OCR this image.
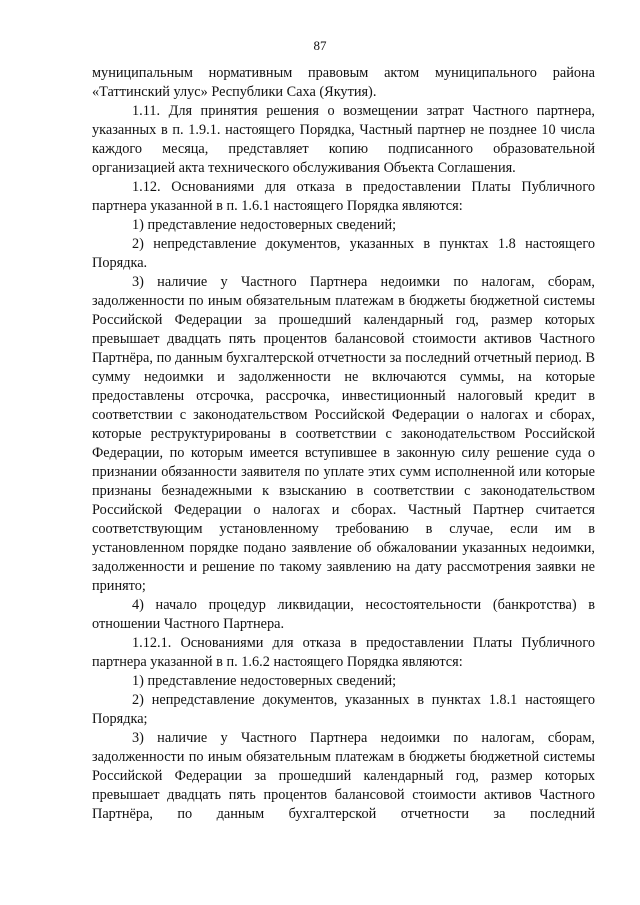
87

муниципальным нормативным правовым актом муниципального района «Таттинский улус» Республики Саха (Якутия).

1.11. Для принятия решения о возмещении затрат Частного партнера, указанных в п. 1.9.1. настоящего Порядка, Частный партнер не позднее 10 числа каждого месяца, представляет копию подписанного образовательной организацией акта технического обслуживания Объекта Соглашения.

1.12. Основаниями для отказа в предоставлении Платы Публичного партнера указанной в п. 1.6.1 настоящего Порядка являются:

1) представление недостоверных сведений;

2) непредставление документов, указанных в пунктах 1.8 настоящего Порядка.

3) наличие у Частного Партнера недоимки по налогам, сборам, задолженности по иным обязательным платежам в бюджеты бюджетной системы Российской Федерации за прошедший календарный год, размер которых превышает двадцать пять процентов балансовой стоимости активов Частного Партнёра, по данным бухгалтерской отчетности за последний отчетный период. В сумму недоимки и задолженности не включаются суммы, на которые предоставлены отсрочка, рассрочка, инвестиционный налоговый кредит в соответствии с законодательством Российской Федерации о налогах и сборах, которые реструктурированы в соответствии с законодательством Российской Федерации, по которым имеется вступившее в законную силу решение суда о признании обязанности заявителя по уплате этих сумм исполненной или которые признаны безнадежными к взысканию в соответствии с законодательством Российской Федерации о налогах и сборах. Частный Партнер считается соответствующим установленному требованию в случае, если им в установленном порядке подано заявление об обжаловании указанных недоимки, задолженности и решение по такому заявлению на дату рассмотрения заявки не принято;

4) начало процедур ликвидации, несостоятельности (банкротства) в отношении Частного Партнера.

1.12.1. Основаниями для отказа в предоставлении Платы Публичного партнера указанной в п. 1.6.2 настоящего Порядка являются:

1) представление недостоверных сведений;

2) непредставление документов, указанных в пунктах 1.8.1 настоящего Порядка;

3) наличие у Частного Партнера недоимки по налогам, сборам, задолженности по иным обязательным платежам в бюджеты бюджетной системы Российской Федерации за прошедший календарный год, размер которых превышает двадцать пять процентов балансовой стоимости активов Частного Партнёра, по данным бухгалтерской отчетности за последний
